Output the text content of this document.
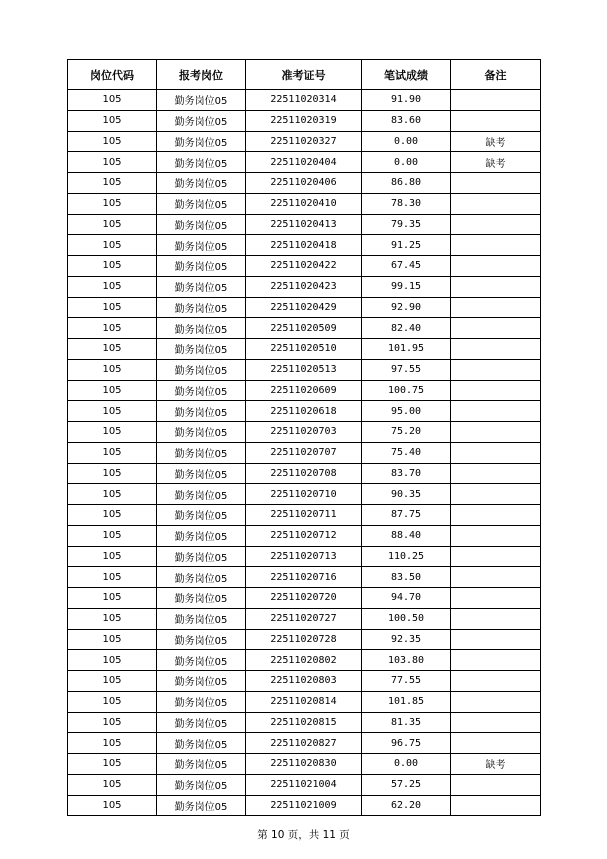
岗位代码	报考岗位	准考证号	笔试成绩	备注
105	勤务岗位05	22511020314	91.90	
105	勤务岗位05	22511020319	83.60	
105	勤务岗位05	22511020327	0.00	缺考
105	勤务岗位05	22511020404	0.00	缺考
105	勤务岗位05	22511020406	86.80	
105	勤务岗位05	22511020410	78.30	
105	勤务岗位05	22511020413	79.35	
105	勤务岗位05	22511020418	91.25	
105	勤务岗位05	22511020422	67.45	
105	勤务岗位05	22511020423	99.15	
105	勤务岗位05	22511020429	92.90	
105	勤务岗位05	22511020509	82.40	
105	勤务岗位05	22511020510	101.95	
105	勤务岗位05	22511020513	97.55	
105	勤务岗位05	22511020609	100.75	
105	勤务岗位05	22511020618	95.00	
105	勤务岗位05	22511020703	75.20	
105	勤务岗位05	22511020707	75.40	
105	勤务岗位05	22511020708	83.70	
105	勤务岗位05	22511020710	90.35	
105	勤务岗位05	22511020711	87.75	
105	勤务岗位05	22511020712	88.40	
105	勤务岗位05	22511020713	110.25	
105	勤务岗位05	22511020716	83.50	
105	勤务岗位05	22511020720	94.70	
105	勤务岗位05	22511020727	100.50	
105	勤务岗位05	22511020728	92.35	
105	勤务岗位05	22511020802	103.80	
105	勤务岗位05	22511020803	77.55	
105	勤务岗位05	22511020814	101.85	
105	勤务岗位05	22511020815	81.35	
105	勤务岗位05	22511020827	96.75	
105	勤务岗位05	22511020830	0.00	缺考
105	勤务岗位05	22511021004	57.25	
105	勤务岗位05	22511021009	62.20	
第 10 页，共 11 页
